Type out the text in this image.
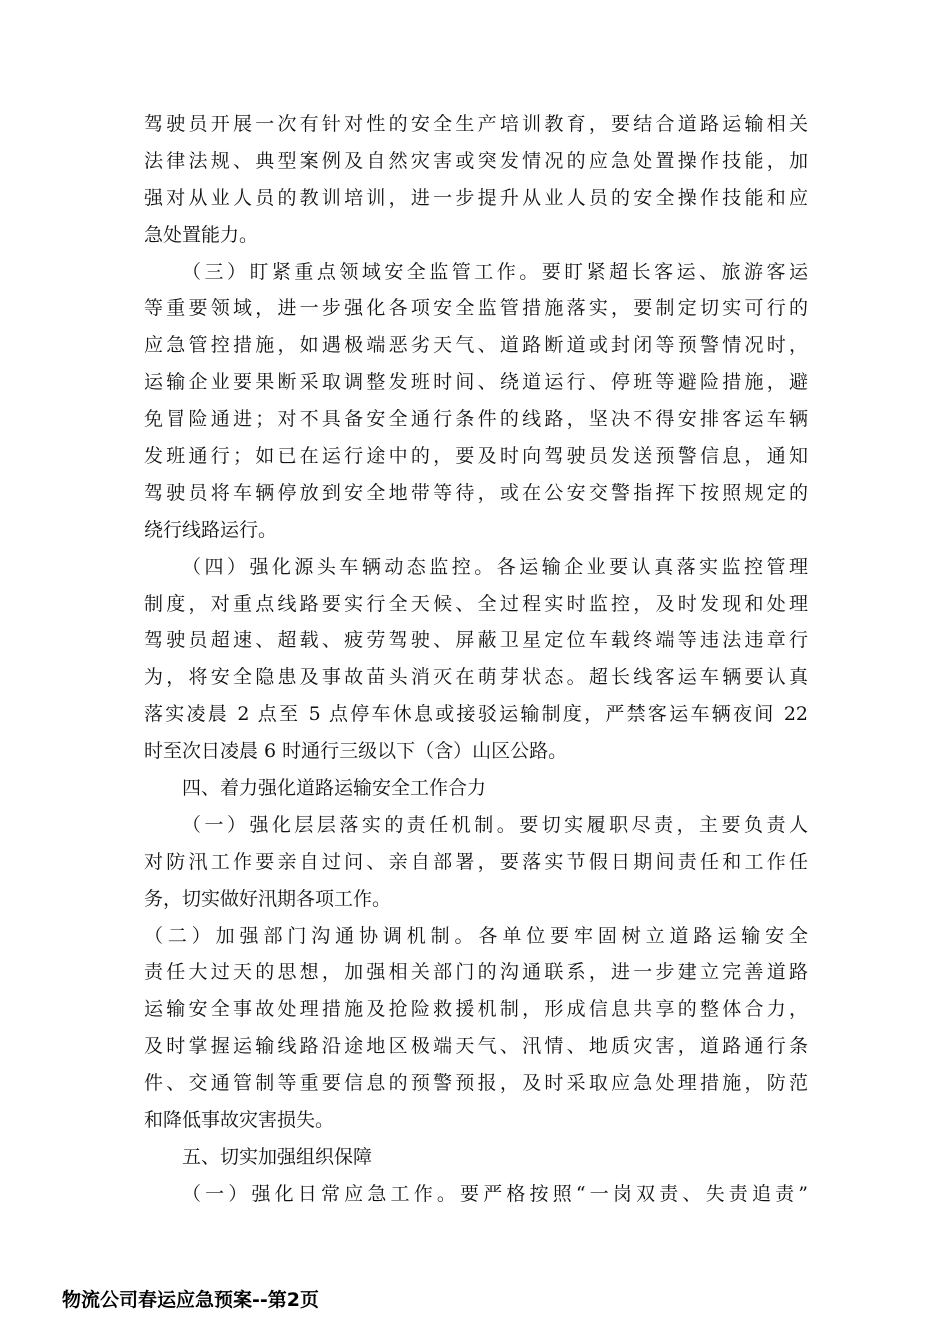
驾驶员开展一次有针对性的安全生产培训教育，要结合道路运输相关
法律法规、典型案例及自然灾害或突发情况的应急处置操作技能，加
强对从业人员的教训培训，进一步提升从业人员的安全操作技能和应
急处置能力。
（三）盯紧重点领域安全监管工作。要盯紧超长客运、旅游客运
等重要领域，进一步强化各项安全监管措施落实，要制定切实可行的
应急管控措施，如遇极端恶劣天气、道路断道或封闭等预警情况时，
运输企业要果断采取调整发班时间、绕道运行、停班等避险措施，避
免冒险通进；对不具备安全通行条件的线路，坚决不得安排客运车辆
发班通行；如已在运行途中的，要及时向驾驶员发送预警信息，通知
驾驶员将车辆停放到安全地带等待，或在公安交警指挥下按照规定的
绕行线路运行。
（四）强化源头车辆动态监控。各运输企业要认真落实监控管理
制度，对重点线路要实行全天候、全过程实时监控，及时发现和处理
驾驶员超速、超载、疲劳驾驶、屏蔽卫星定位车载终端等违法违章行
为，将安全隐患及事故苗头消灭在萌芽状态。超长线客运车辆要认真
落实凌晨 2 点至 5 点停车休息或接驳运输制度，严禁客运车辆夜间 22
时至次日凌晨 6 时通行三级以下（含）山区公路。
四、着力强化道路运输安全工作合力
（一）强化层层落实的责任机制。要切实履职尽责，主要负责人
对防汛工作要亲自过问、亲自部署，要落实节假日期间责任和工作任
务，切实做好汛期各项工作。
（二）加强部门沟通协调机制。各单位要牢固树立道路运输安全
责任大过天的思想，加强相关部门的沟通联系，进一步建立完善道路
运输安全事故处理措施及抢险救援机制，形成信息共享的整体合力，
及时掌握运输线路沿途地区极端天气、汛情、地质灾害，道路通行条
件、交通管制等重要信息的预警预报，及时采取应急处理措施，防范
和降低事故灾害损失。
五、切实加强组织保障
（一）强化日常应急工作。要严格按照“一岗双责、失责追责”
物流公司春运应急预案--第2页
